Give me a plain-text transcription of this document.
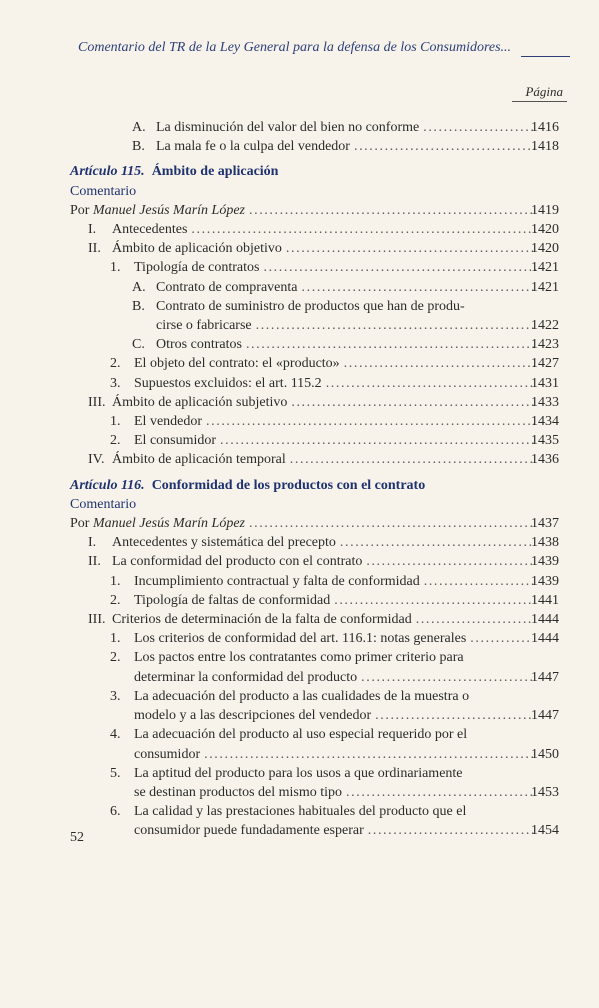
Comentario del TR de la Ley General para la defensa de los Consumidores...
Página
A. La disminución del valor del bien no conforme ......................
1416
B. La mala fe o la culpa del vendedor ....................................
1418
Artículo 115. Ámbito de aplicación
Comentario
Por Manuel Jesús Marín López ........................................................
1419
I. Antecedentes ....................................................................
1420
II. Ámbito de aplicación objetivo .................................................
1420
1. Tipología de contratos ......................................................
1421
A. Contrato de compraventa ..............................................
1421
B. Contrato de suministro de productos que han de produ-
cirse o fabricarse .......................................................
1422
C. Otros contratos .........................................................
1423
2. El objeto del contrato: el «producto» ......................................
1427
3. Supuestos excluidos: el art. 115.2 .........................................
1431
III. Ámbito de aplicación subjetivo ................................................
1433
1. El vendedor .................................................................
1434
2. El consumidor ..............................................................
1435
IV. Ámbito de aplicación temporal ................................................
1436
Artículo 116. Conformidad de los productos con el contrato
Comentario
Por Manuel Jesús Marín López ........................................................
1437
I. Antecedentes y sistemática del precepto ......................................
1438
II. La conformidad del producto con el contrato .................................
1439
1. Incumplimiento contractual y falta de conformidad ......................
1439
2. Tipología de faltas de conformidad .......................................
1441
III. Criterios de determinación de la falta de conformidad .......................
1444
1. Los criterios de conformidad del art. 116.1: notas generales ............ 1444
2. Los pactos entre los contratantes como primer criterio para
determinar la conformidad del producto ..................................
1447
3. La adecuación del producto a las cualidades de la muestra o
modelo y a las descripciones del vendedor ...............................
1447
4. La adecuación del producto al uso especial requerido por el
consumidor .................................................................
1450
5. La aptitud del producto para los usos a que ordinariamente
se destinan productos del mismo tipo .....................................
1453
6. La calidad y las prestaciones habituales del producto que el
consumidor puede fundadamente esperar .................................
1454
52
